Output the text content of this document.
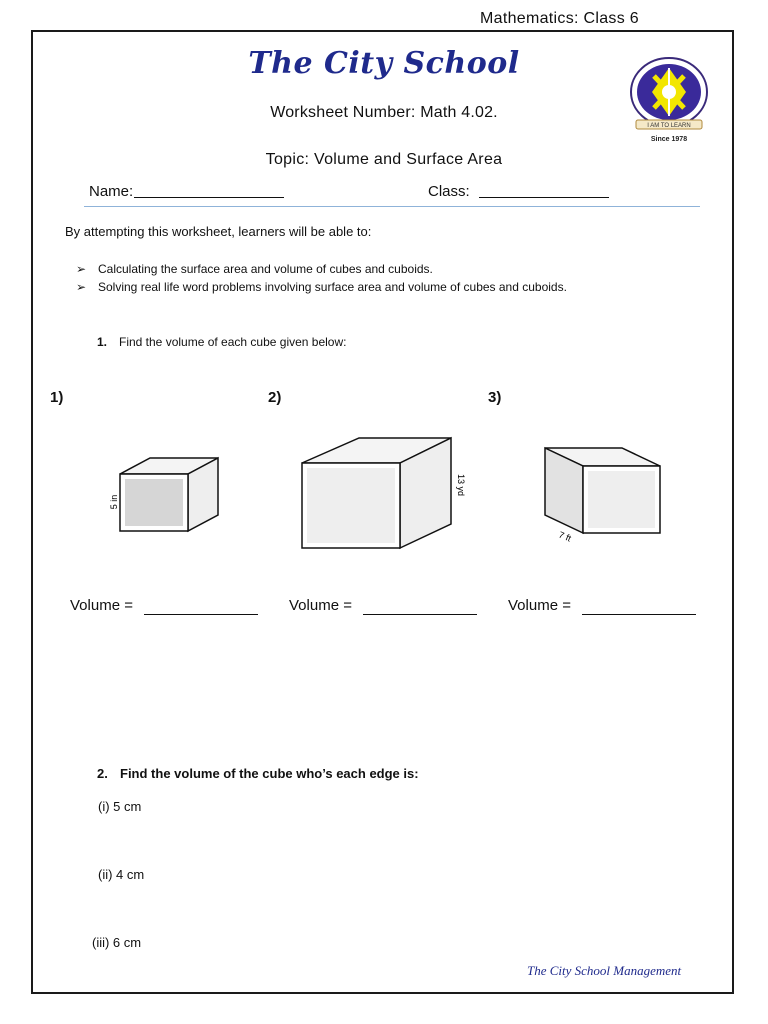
Mathematics: Class 6
The City School
I AM TO LEARN
Since 1978
Worksheet Number: Math 4.02.
Topic: Volume and Surface Area
Name:	Class:
By attempting this worksheet, learners will be able to:
➢ Calculating the surface area and volume of cubes and cuboids.
➢ Solving real life word problems involving surface area and volume of cubes and cuboids.
1. Find the volume of each cube given below:
1)	2)	3)
5 in
13 yd
7 ft
Volume =	Volume =	Volume =
2. Find the volume of the cube who’s each edge is:
(i) 5 cm
(ii) 4 cm
(iii) 6 cm
The City School Management
